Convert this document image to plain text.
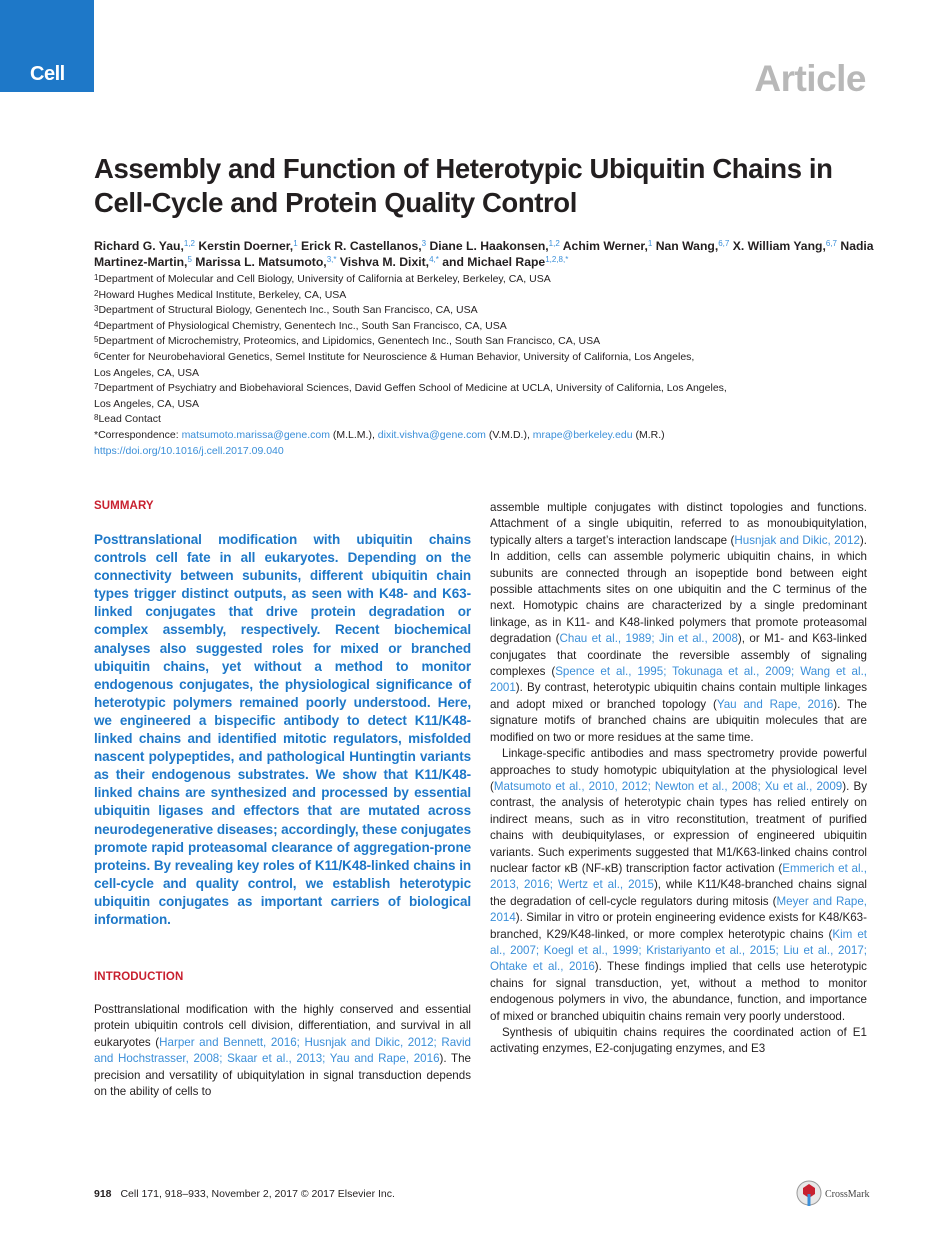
Cell	Article
Assembly and Function of Heterotypic Ubiquitin Chains in Cell-Cycle and Protein Quality Control

Richard G. Yau,$^{1,2}$ Kerstin Doerner,$^1$ Erick R. Castellanos,$^3$ Diane L. Haakonsen,$^{1,2}$ Achim Werner,$^1$ Nan Wang,$^{6,7}$ X. William Yang,$^{6,7}$ Nadia Martinez-Martin,$^5$ Marissa L. Matsumoto,$^{3,*}$ Vishva M. Dixit,$^{4,*}$ and Michael Rape$^{1,2,8,*}$

$^1$Department of Molecular and Cell Biology, University of California at Berkeley, Berkeley, CA, USA
$^2$Howard Hughes Medical Institute, Berkeley, CA, USA
$^3$Department of Structural Biology, Genentech Inc., South San Francisco, CA, USA
$^4$Department of Physiological Chemistry, Genentech Inc., South San Francisco, CA, USA
$^5$Department of Microchemistry, Proteomics, and Lipidomics, Genentech Inc., South San Francisco, CA, USA
$^6$Center for Neurobehavioral Genetics, Semel Institute for Neuroscience & Human Behavior, University of California, Los Angeles,
Los Angeles, CA, USA
$^7$Department of Psychiatry and Biobehavioral Sciences, David Geffen School of Medicine at UCLA, University of California, Los Angeles,
Los Angeles, CA, USA
$^8$Lead Contact
*Correspondence: matsumoto.marissa@gene.com (M.L.M.), dixit.vishva@gene.com (V.M.D.), mrape@berkeley.edu (M.R.)
https://doi.org/10.1016/j.cell.2017.09.040
SUMMARY

Posttranslational modification with ubiquitin chains controls cell fate in all eukaryotes. Depending on the connectivity between subunits, different ubiquitin chain types trigger distinct outputs, as seen with K48- and K63-linked conjugates that drive protein degradation or complex assembly, respectively. Recent biochemical analyses also suggested roles for mixed or branched ubiquitin chains, yet without a method to monitor endogenous conjugates, the physiological significance of heterotypic polymers remained poorly understood. Here, we engineered a bispecific antibody to detect K11/K48-linked chains and identified mitotic regulators, misfolded nascent polypeptides, and pathological Huntingtin variants as their endogenous substrates. We show that K11/K48-linked chains are synthesized and processed by essential ubiquitin ligases and effectors that are mutated across neurodegenerative diseases; accordingly, these conjugates promote rapid proteasomal clearance of aggregation-prone proteins. By revealing key roles of K11/K48-linked chains in cell-cycle and quality control, we establish heterotypic ubiquitin conjugates as important carriers of biological information.

INTRODUCTION

Posttranslational modification with the highly conserved and essential protein ubiquitin controls cell division, differentiation, and survival in all eukaryotes (Harper and Bennett, 2016; Husnjak and Dikic, 2012; Ravid and Hochstrasser, 2008; Skaar et al., 2013; Yau and Rape, 2016). The precision and versatility of ubiquitylation in signal transduction depends on the ability of cells to

assemble multiple conjugates with distinct topologies and functions. Attachment of a single ubiquitin, referred to as monoubiquitylation, typically alters a target’s interaction landscape (Husnjak and Dikic, 2012). In addition, cells can assemble polymeric ubiquitin chains, in which subunits are connected through an isopeptide bond between eight possible attachments sites on one ubiquitin and the C terminus of the next. Homotypic chains are characterized by a single predominant linkage, as in K11- and K48-linked polymers that promote proteasomal degradation (Chau et al., 1989; Jin et al., 2008), or M1- and K63-linked conjugates that coordinate the reversible assembly of signaling complexes (Spence et al., 1995; Tokunaga et al., 2009; Wang et al., 2001). By contrast, heterotypic ubiquitin chains contain multiple linkages and adopt mixed or branched topology (Yau and Rape, 2016). The signature motifs of branched chains are ubiquitin molecules that are modified on two or more residues at the same time.

Linkage-specific antibodies and mass spectrometry provide powerful approaches to study homotypic ubiquitylation at the physiological level (Matsumoto et al., 2010, 2012; Newton et al., 2008; Xu et al., 2009). By contrast, the analysis of heterotypic chain types has relied entirely on indirect means, such as in vitro reconstitution, treatment of purified chains with deubiquitylases, or expression of engineered ubiquitin variants. Such experiments suggested that M1/K63-linked chains control nuclear factor κB (NF-κB) transcription factor activation (Emmerich et al., 2013, 2016; Wertz et al., 2015), while K11/K48-branched chains signal the degradation of cell-cycle regulators during mitosis (Meyer and Rape, 2014). Similar in vitro or protein engineering evidence exists for K48/K63-branched, K29/K48-linked, or more complex heterotypic chains (Kim et al., 2007; Koegl et al., 1999; Kristariyanto et al., 2015; Liu et al., 2017; Ohtake et al., 2016). These findings implied that cells use heterotypic chains for signal transduction, yet, without a method to monitor endogenous polymers in vivo, the abundance, function, and importance of mixed or branched ubiquitin chains remain very poorly understood.

Synthesis of ubiquitin chains requires the coordinated action of E1 activating enzymes, E2-conjugating enzymes, and E3

918 Cell 171, 918–933, November 2, 2017 © 2017 Elsevier Inc.	CrossMark
